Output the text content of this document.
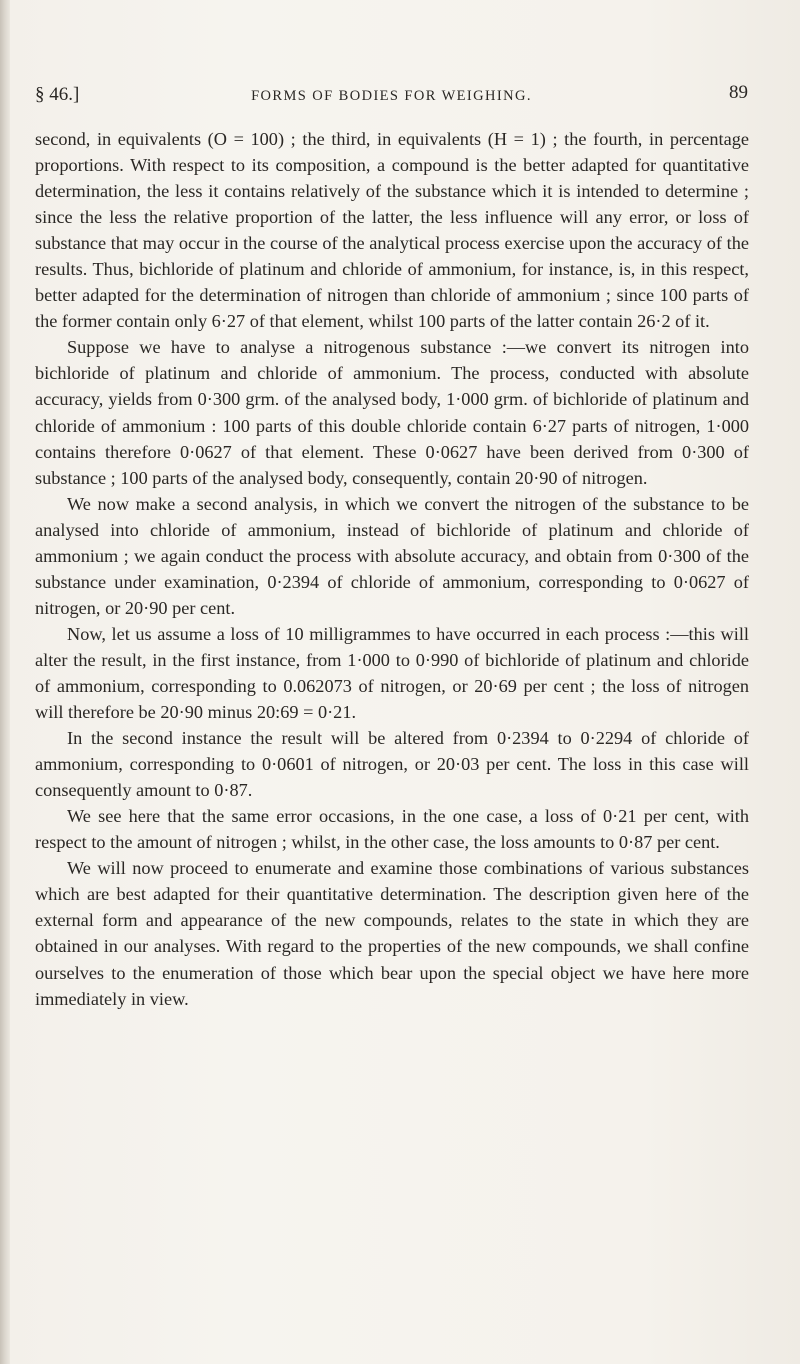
§ 46.]	FORMS OF BODIES FOR WEIGHING.	89

second, in equivalents (O = 100) ; the third, in equivalents (H = 1) ; the fourth, in percentage proportions. With respect to its composition, a compound is the better adapted for quantitative determination, the less it contains relatively of the substance which it is intended to determine ; since the less the relative proportion of the latter, the less influence will any error, or loss of substance that may occur in the course of the analytical process exercise upon the accuracy of the results. Thus, bichloride of platinum and chloride of ammonium, for instance, is, in this respect, better adapted for the determination of nitrogen than chloride of ammonium ; since 100 parts of the former contain only 6·27 of that element, whilst 100 parts of the latter contain 26·2 of it.

Suppose we have to analyse a nitrogenous substance :—we convert its nitrogen into bichloride of platinum and chloride of ammonium. The process, conducted with absolute accuracy, yields from 0·300 grm. of the analysed body, 1·000 grm. of bichloride of platinum and chloride of ammonium : 100 parts of this double chloride contain 6·27 parts of nitrogen, 1·000 contains therefore 0·0627 of that element. These 0·0627 have been derived from 0·300 of substance ; 100 parts of the analysed body, consequently, contain 20·90 of nitrogen.

We now make a second analysis, in which we convert the nitrogen of the substance to be analysed into chloride of ammonium, instead of bichloride of platinum and chloride of ammonium ; we again conduct the process with absolute accuracy, and obtain from 0·300 of the substance under examination, 0·2394 of chloride of ammonium, corresponding to 0·0627 of nitrogen, or 20·90 per cent.

Now, let us assume a loss of 10 milligrammes to have occurred in each process :—this will alter the result, in the first instance, from 1·000 to 0·990 of bichloride of platinum and chloride of ammonium, corresponding to 0.062073 of nitrogen, or 20·69 per cent ; the loss of nitrogen will therefore be 20·90 minus 20:69 = 0·21.

In the second instance the result will be altered from 0·2394 to 0·2294 of chloride of ammonium, corresponding to 0·0601 of nitrogen, or 20·03 per cent. The loss in this case will consequently amount to 0·87.

We see here that the same error occasions, in the one case, a loss of 0·21 per cent, with respect to the amount of nitrogen ; whilst, in the other case, the loss amounts to 0·87 per cent.

We will now proceed to enumerate and examine those combinations of various substances which are best adapted for their quantitative determination. The description given here of the external form and appearance of the new compounds, relates to the state in which they are obtained in our analyses. With regard to the properties of the new compounds, we shall confine ourselves to the enumeration of those which bear upon the special object we have here more immediately in view.
